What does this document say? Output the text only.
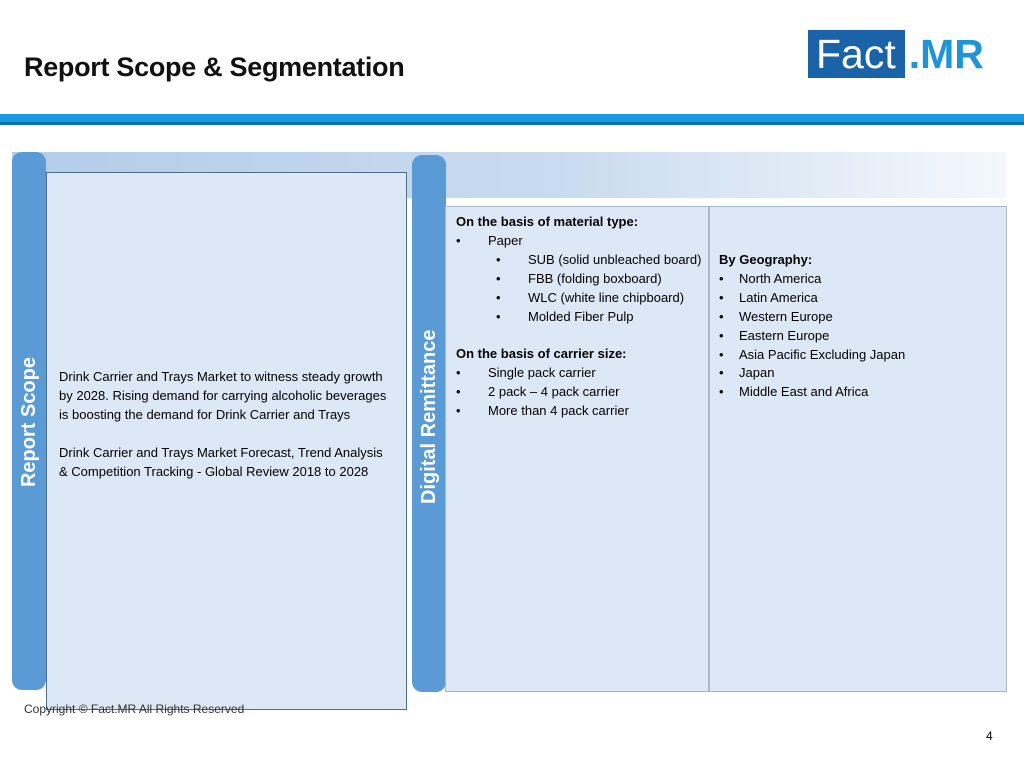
Report Scope & Segmentation	Fact .MR
Report Scope	Digital Remittance

Drink Carrier and Trays Market to witness steady growth by 2028. Rising demand for carrying alcoholic beverages is boosting the demand for Drink Carrier and Trays

Drink Carrier and Trays Market Forecast, Trend Analysis & Competition Tracking - Global Review 2018 to 2028

On the basis of material type:
• Paper
• SUB (solid unbleached board)
• FBB (folding boxboard)
• WLC (white line chipboard)
• Molded Fiber Pulp
On the basis of carrier size:
• Single pack carrier
• 2 pack – 4 pack carrier
• More than 4 pack carrier
By Geography:
• North America
• Latin America
• Western Europe
• Eastern Europe
• Asia Pacific Excluding Japan
• Japan
• Middle East and Africa
Copyright © Fact.MR All Rights Reserved
4
